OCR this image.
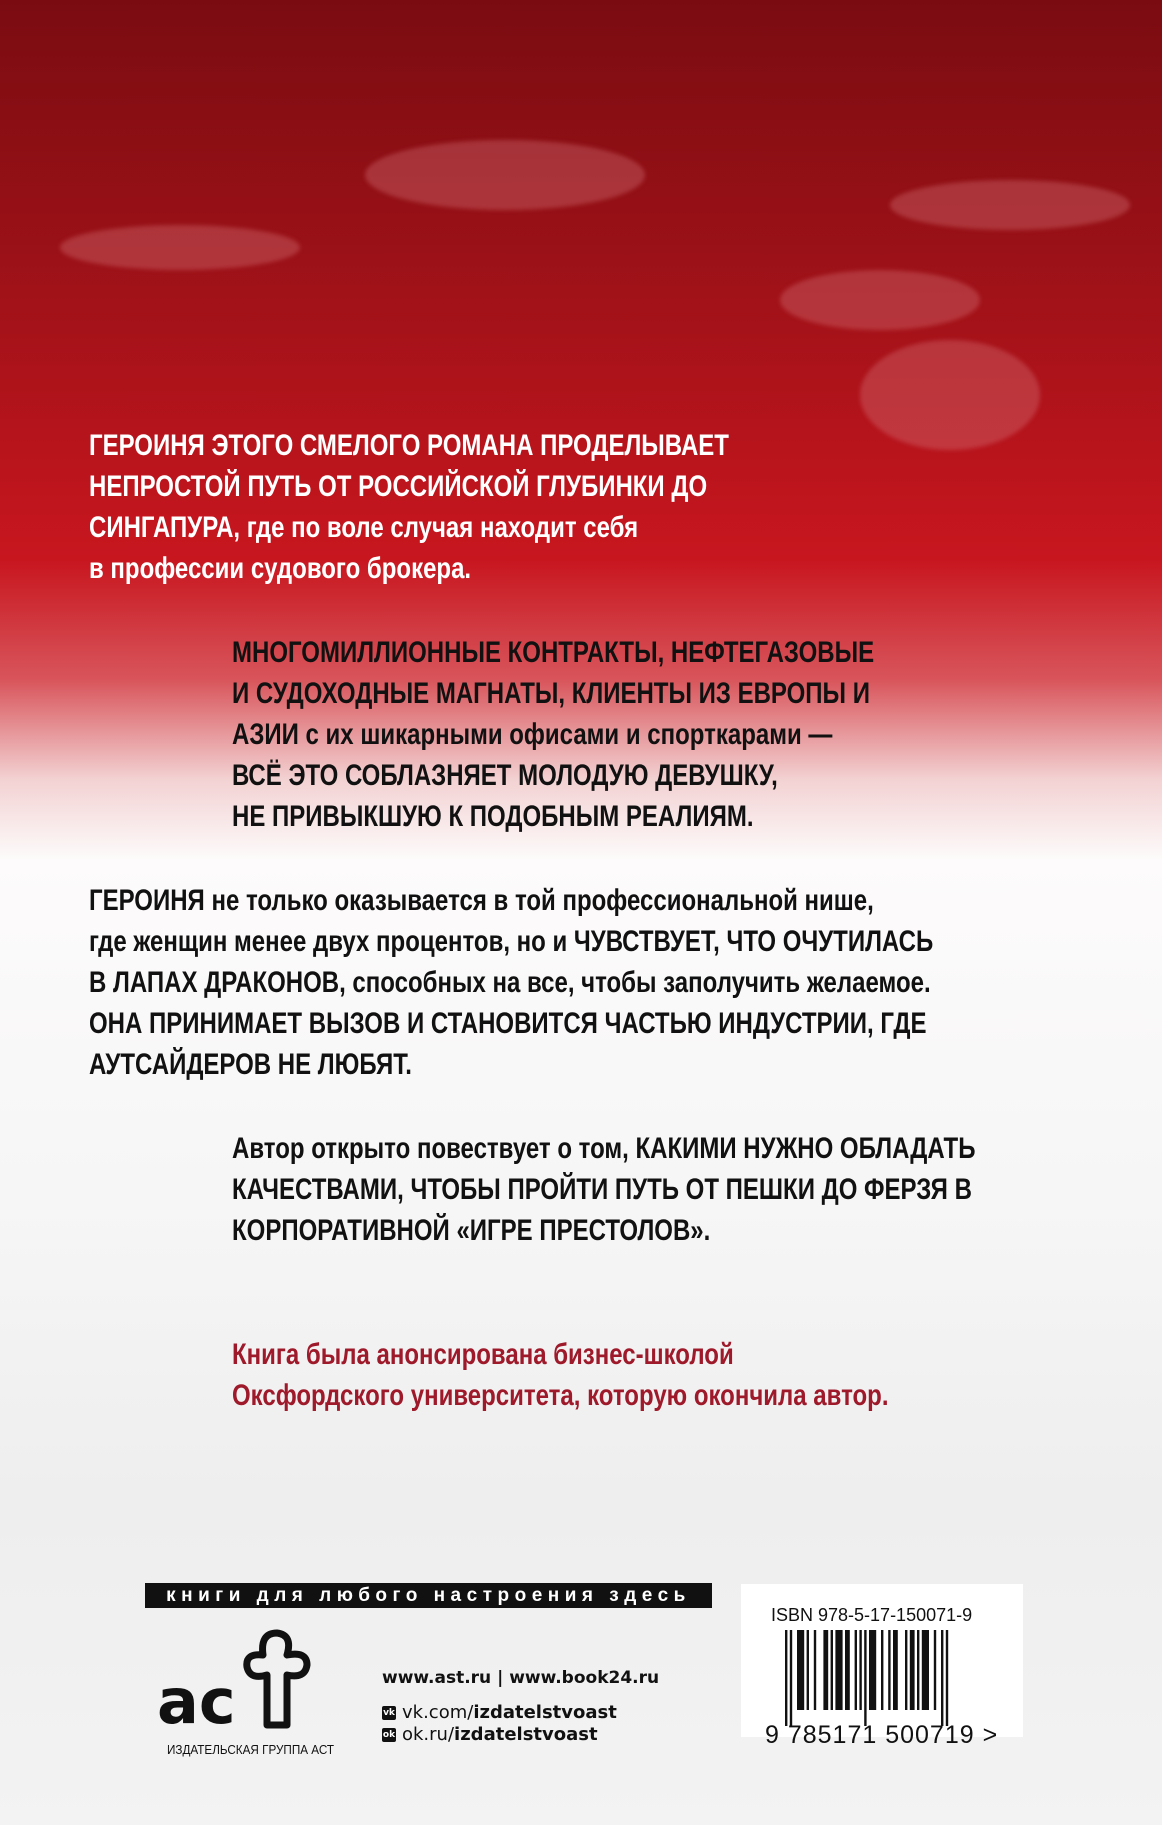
ГЕРОИНЯ ЭТОГО СМЕЛОГО РОМАНА ПРОДЕЛЫВАЕТ
НЕПРОСТОЙ ПУТЬ ОТ РОССИЙСКОЙ ГЛУБИНКИ ДО
СИНГАПУРА, где по воле случая находит себя
в профессии судового брокера.
МНОГОМИЛЛИОННЫЕ КОНТРАКТЫ, НЕФТЕГАЗОВЫЕ
И СУДОХОДНЫЕ МАГНАТЫ, КЛИЕНТЫ ИЗ ЕВРОПЫ И
АЗИИ с их шикарными офисами и спорткарами —
ВСЁ ЭТО СОБЛАЗНЯЕТ МОЛОДУЮ ДЕВУШКУ,
НЕ ПРИВЫКШУЮ К ПОДОБНЫМ РЕАЛИЯМ.
ГЕРОИНЯ не только оказывается в той профессиональной нише,
где женщин менее двух процентов, но и ЧУВСТВУЕТ, ЧТО ОЧУТИЛАСЬ
В ЛАПАХ ДРАКОНОВ, способных на все, чтобы заполучить желаемое.
ОНА ПРИНИМАЕТ ВЫЗОВ И СТАНОВИТСЯ ЧАСТЬЮ ИНДУСТРИИ, ГДЕ
АУТСАЙДЕРОВ НЕ ЛЮБЯТ.
Автор открыто повествует о том, КАКИМИ НУЖНО ОБЛАДАТЬ
КАЧЕСТВАМИ, ЧТОБЫ ПРОЙТИ ПУТЬ ОТ ПЕШКИ ДО ФЕРЗЯ В
КОРПОРАТИВНОЙ «ИГРЕ ПРЕСТОЛОВ».
Книга была анонсирована бизнес-школой
Оксфордского университета, которую окончила автор.
книги для любого настроения здесь
ac
ИЗДАТЕЛЬСКАЯ ГРУППА АСТ
www.ast.ru | www.book24.ru
vk vk.com/izdatelstvoast
ok ok.ru/izdatelstvoast
ISBN 978-5-17-150071-9
9 785171 500719 >
